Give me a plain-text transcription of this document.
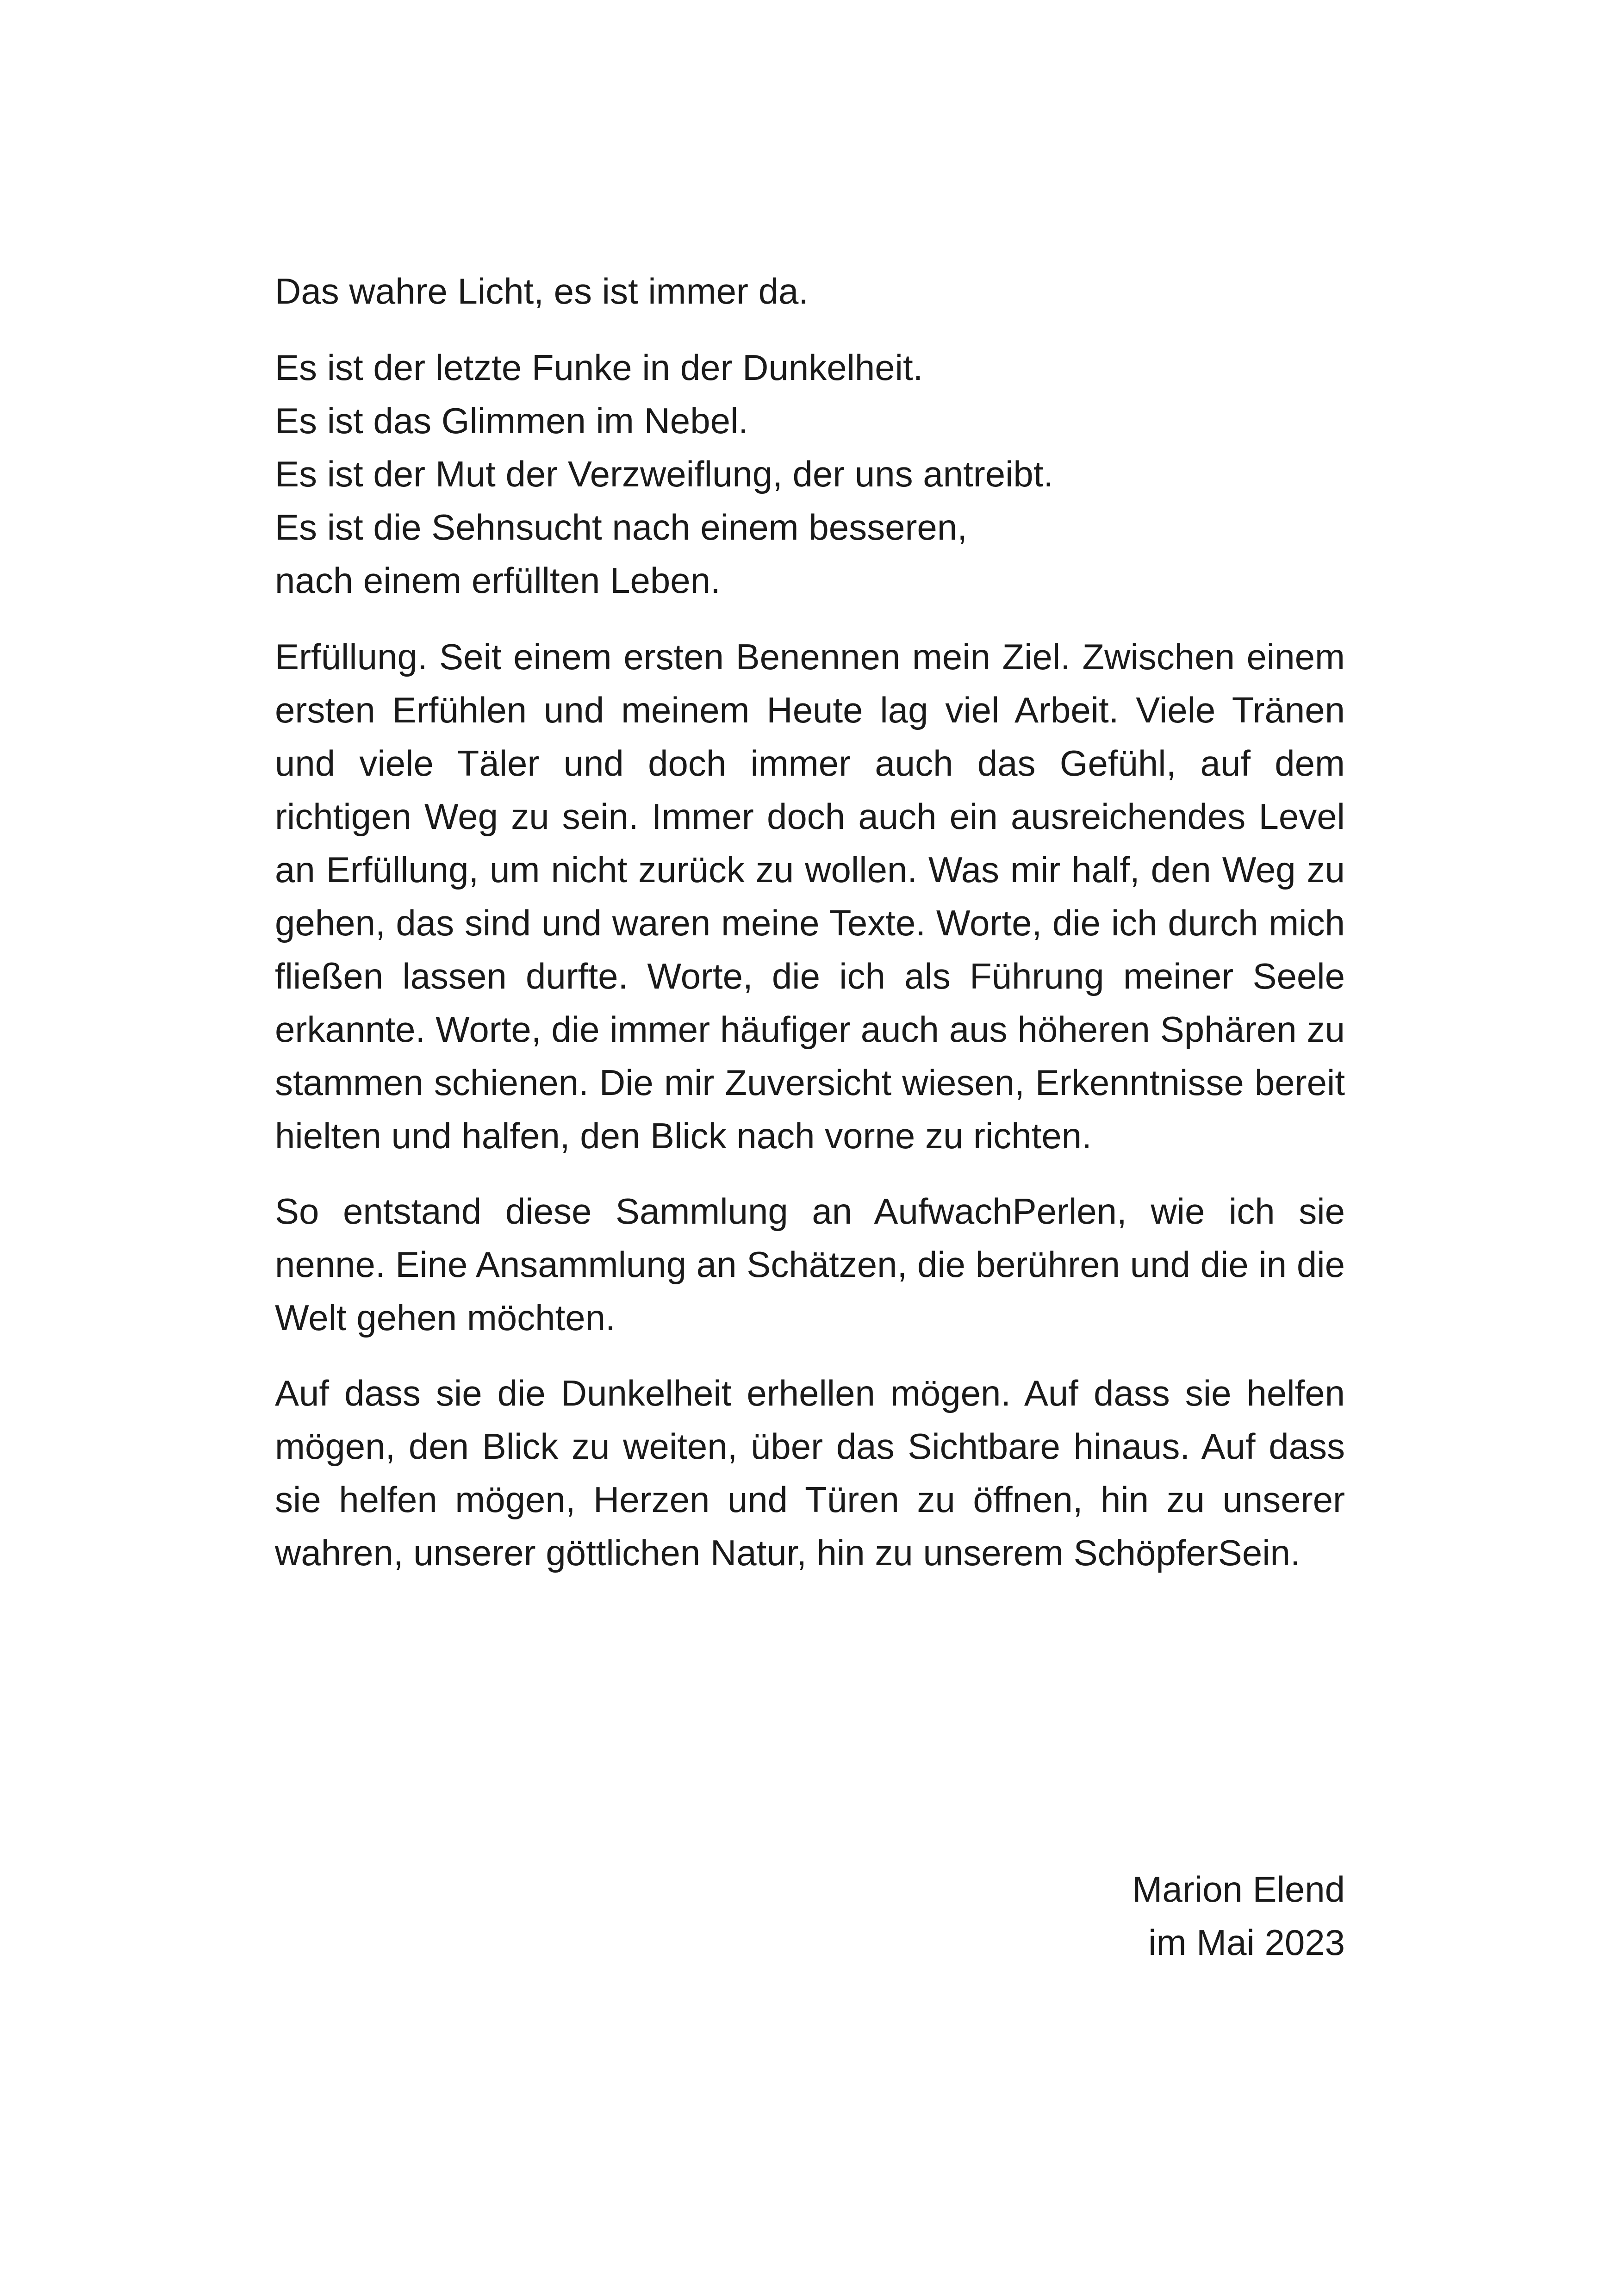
Das wahre Licht, es ist immer da.

Es ist der letzte Funke in der Dunkelheit.
Es ist das Glimmen im Nebel.
Es ist der Mut der Verzweiflung, der uns antreibt.
Es ist die Sehnsucht nach einem besseren,
nach einem erfüllten Leben.

Erfüllung. Seit einem ersten Benennen mein Ziel. Zwischen einem ersten Erfühlen und meinem Heute lag viel Arbeit. Viele Tränen und viele Täler und doch immer auch das Gefühl, auf dem richtigen Weg zu sein. Immer doch auch ein ausreichendes Level an Erfüllung, um nicht zurück zu wollen. Was mir half, den Weg zu gehen, das sind und waren meine Texte. Worte, die ich durch mich fließen lassen durfte. Worte, die ich als Führung meiner Seele erkannte. Worte, die immer häufiger auch aus höheren Sphären zu stammen schienen. Die mir Zuversicht wiesen, Erkenntnisse bereit hielten und halfen, den Blick nach vorne zu richten.

So entstand diese Sammlung an AufwachPerlen, wie ich sie nenne. Eine Ansammlung an Schätzen, die berühren und die in die Welt gehen möchten.

Auf dass sie die Dunkelheit erhellen mögen. Auf dass sie helfen mögen, den Blick zu weiten, über das Sichtbare hinaus. Auf dass sie helfen mögen, Herzen und Türen zu öffnen, hin zu unserer wahren, unserer göttlichen Natur, hin zu unserem SchöpferSein.

Marion Elend
im Mai 2023
